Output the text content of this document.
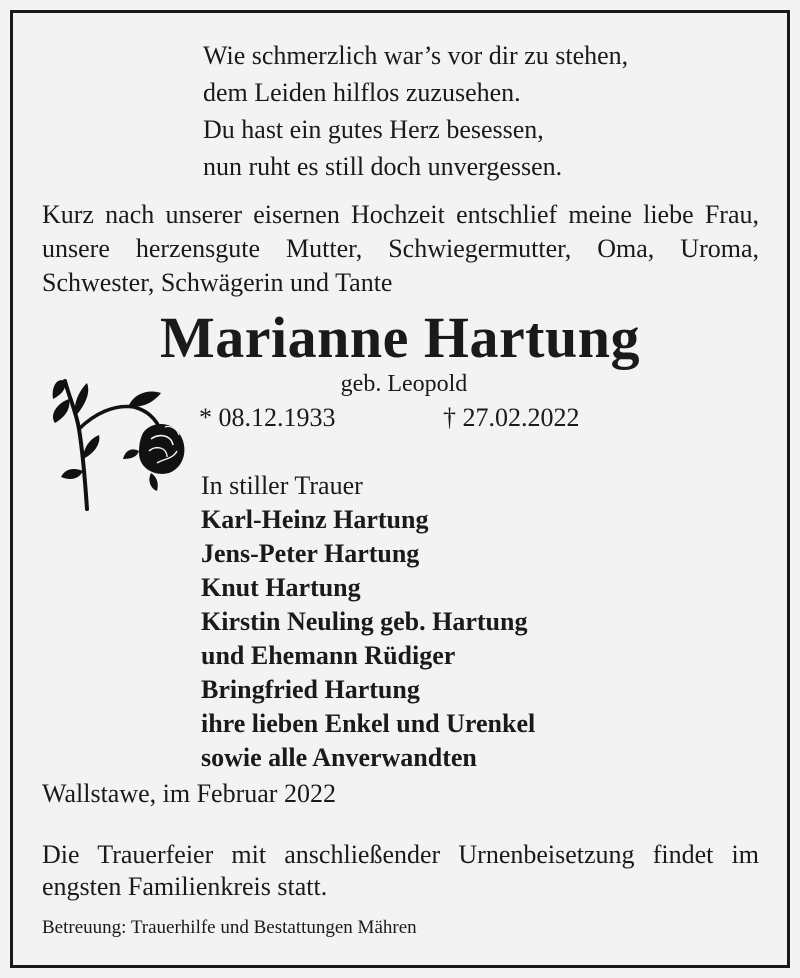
Wie schmerzlich war’s vor dir zu stehen,
dem Leiden hilflos zuzusehen.
Du hast ein gutes Herz besessen,
nun ruht es still doch unvergessen.
Kurz nach unserer eisernen Hochzeit entschlief meine liebe Frau, unsere herzensgute Mutter, Schwiegermutter, Oma, Uroma, Schwester, Schwägerin und Tante
Marianne Hartung
geb. Leopold
* 08.12.1933	† 27.02.2022
In stiller Trauer
Karl-Heinz Hartung
Jens-Peter Hartung
Knut Hartung
Kirstin Neuling geb. Hartung
und Ehemann Rüdiger
Bringfried Hartung
ihre lieben Enkel und Urenkel
sowie alle Anverwandten
Wallstawe, im Februar 2022
Die Trauerfeier mit anschließender Urnenbeisetzung findet im engsten Familienkreis statt.
Betreuung: Trauerhilfe und Bestattungen Mähren
